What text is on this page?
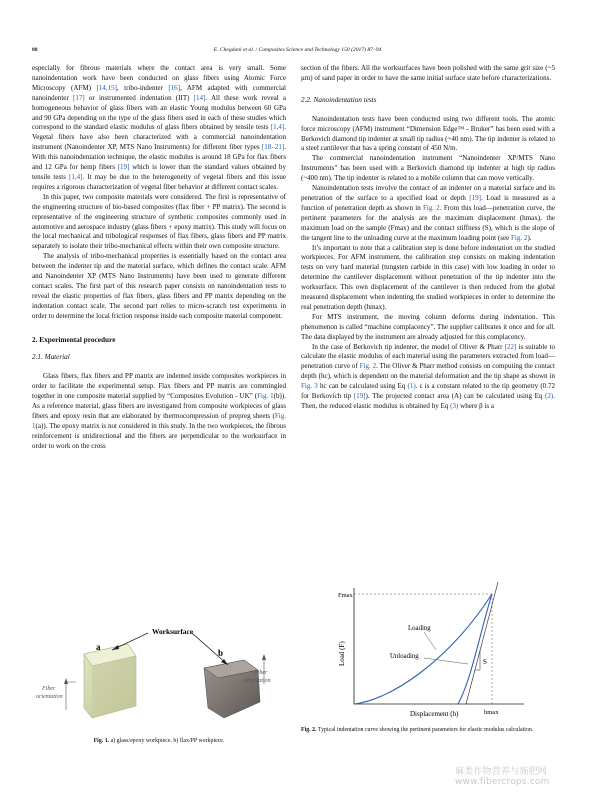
88	E. Chegdani et al. / Composites Science and Technology 150 (2017) 87–94

especially for fibrous materials where the contact area is very small. Some nanoindentation work have been conducted on glass fibers using Atomic Force Microscopy (AFM) [14,15], tribo-indenter [16], AFM adapted with commercial nanoindenter [17] or instrumented indentation (IIT) [14]. All these work reveal a homogeneous behavior of glass fibers with an elastic Young modulus between 60 GPa and 90 GPa depending on the type of the glass fibers used in each of these studies which correspond to the standard elastic modulus of glass fibers obtained by tensile tests [1,4]. Vegetal fibers have also been characterized with a commercial nanoindentation instrument (Nanoindenter XP, MTS Nano Instruments) for different fiber types [18–21]. With this nanoindentation technique, the elastic modulus is around 18 GPa for flax fibers and 12 GPa for hemp fibers [19] which is lower than the standard values obtained by tensile tests [1,4]. It may be due to the heterogeneity of vegetal fibers and this issue requires a rigorous characterization of vegetal fiber behavior at different contact scales.

In this paper, two composite materials were considered. The first is representative of the engineering structure of bio-based composites (flax fiber + PP matrix). The second is representative of the engineering structure of synthetic composites commonly used in automotive and aerospace industry (glass fibers + epoxy matrix). This study will focus on the local mechanical and tribological responses of flax fibers, glass fibers and PP matrix separately to isolate their tribo-mechanical effects within their own composite structure.

The analysis of tribo-mechanical properties is essentially based on the contact area between the indenter tip and the material surface, which defines the contact scale. AFM and Nanoindenter XP (MTS Nano Instruments) have been used to generate different contact scales. The first part of this research paper consists on nanoindentation tests to reveal the elastic properties of flax fibers, glass fibers and PP matrix depending on the indentation contact scale. The second part relies to micro-scratch test experiments in order to determine the local friction response inside each composite material component.

2. Experimental procedure
2.1. Material

Glass fibers, flax fibers and PP matrix are indented inside composites workpieces in order to facilitate the experimental setup. Flax fibers and PP matrix are commingled together in one composite material supplied by “Composites Evolution - UK” (Fig. 1(b)). As a reference material, glass fibers are investigated from composite workpieces of glass fibers and epoxy resin that are elaborated by thermocompression of prepreg sheets (Fig. 1(a)). The epoxy matrix is not considered in this study. In the two workpieces, the fibrous reinforcement is unidirectional and the fibers are perpendicular to the worksurface in order to work on the cross

section of the fibers. All the worksurfaces have been polished with the same grit size (~5 μm) of sand paper in order to have the same initial surface state before characterizations.

2.2. Nanoindentation tests

Nanoindentation tests have been conducted using two different tools. The atomic force microscopy (AFM) instrument “Dimension Edge™ - Bruker” has been used with a Berkovich diamond tip indenter at small tip radius (~40 nm). The tip indenter is related to a steel cantilever that has a spring constant of 450 N/m.

The commercial nanoindentation instrument “Nanoindenter XP/MTS Nano Instruments” has been used with a Berkovich diamond tip indenter at high tip radius (~400 nm). The tip indenter is related to a mobile column that can move vertically.

Nanoindentation tests involve the contact of an indenter on a material surface and its penetration of the surface to a specified load or depth [19]. Load is measured as a function of penetration depth as shown in Fig. 2. From this load—penetration curve, the pertinent parameters for the analysis are the maximum displacement (hmax), the maximum load on the sample (Fmax) and the contact stiffness (S), which is the slope of the tangent line to the unloading curve at the maximum loading point (see Fig. 2).

It’s important to note that a calibration step is done before indentation on the studied workpieces. For AFM instrument, the calibration step consists on making indentation tests on very hard material (tungsten carbide in this case) with low loading in order to determine the cantilever displacement without penetration of the tip indenter into the worksurface. This own displacement of the cantilever is then reduced from the global measured displacement when indenting the studied workpieces in order to determine the real penetration depth (hmax).

For MTS instrument, the moving column deforms during indentation. This phenomenon is called “machine complacency”. The supplier calibrates it once and for all. The data displayed by the instrument are already adjusted for this complacency.

In the case of Berkovich tip indenter, the model of Oliver & Pharr [22] is suitable to calculate the elastic modulus of each material using the parameters extracted from load—penetration curve of Fig. 2. The Oliver & Pharr method consists on computing the contact depth (hc), which is dependent on the material deformation and the tip shape as shown in Fig. 3 hc can be calculated using Eq (1). ε is a constant related to the tip geometry (0.72 for Berkovich tip [19]). The projected contact area (A) can be calculated using Eq (2). Then, the reduced elastic modulus is obtained by Eq (3) where β is a

Worksurface
a
b
Fiber
orientation
Fiber
orientation
Fig. 1. a) glass/epoxy workpiece. b) flax/PP workpiece.
Fmax
hmax
Loading
Unloading
S
Displacement (h)
Load (F)
Fig. 2. Typical indentation curve showing the pertinent parameters for elastic modulus calculation.
麻类作物营养与施肥网 www.fibercrops.com
